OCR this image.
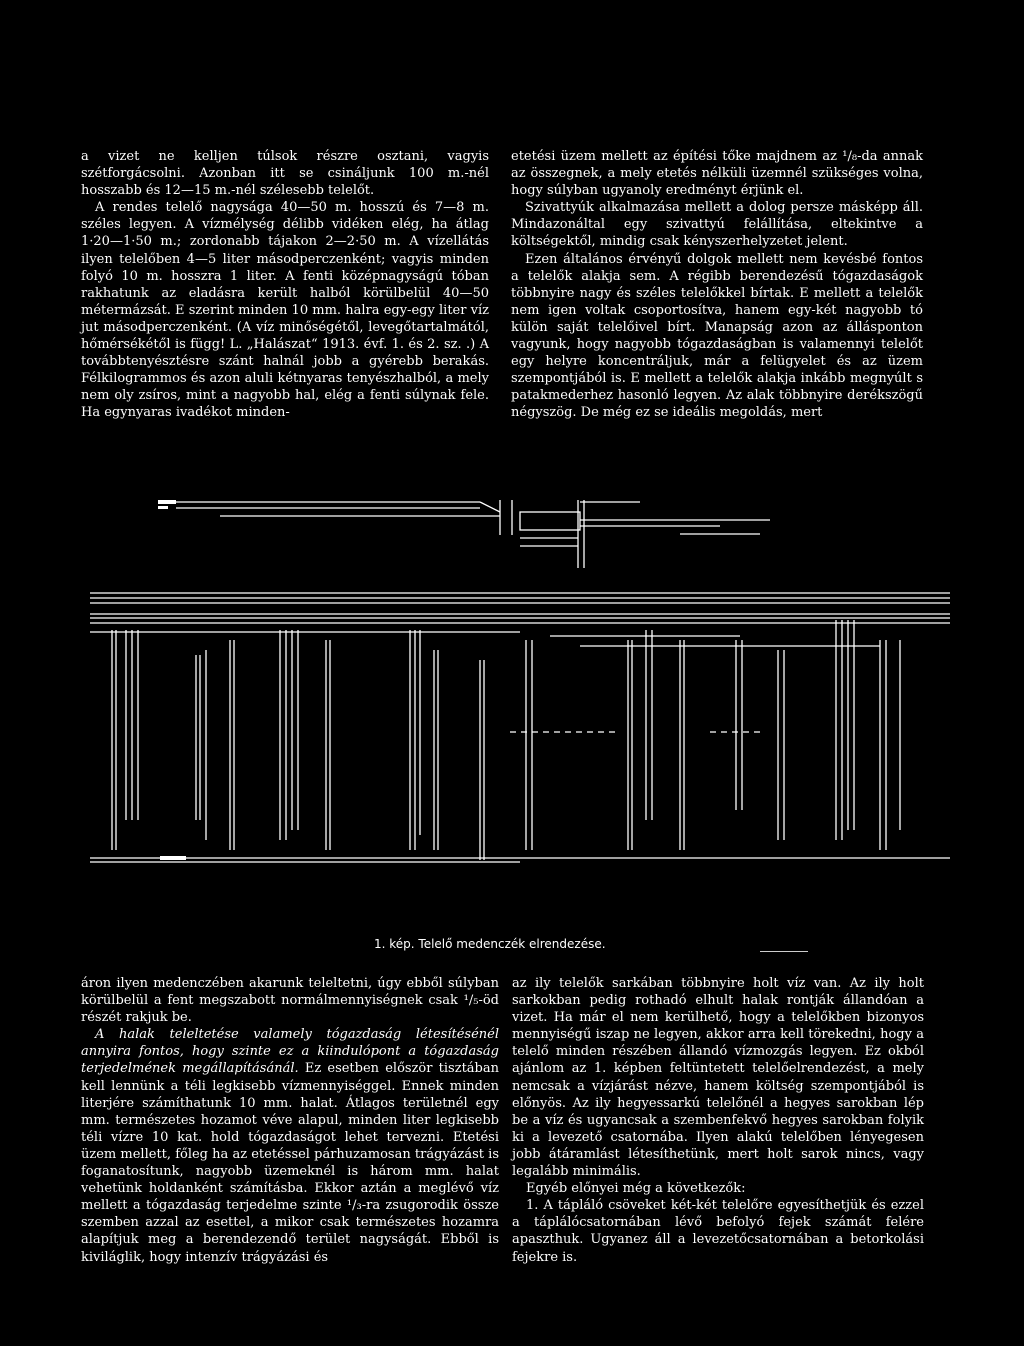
a vizet ne kelljen túlsok részre osztani, vagyis szétforgácsolni. Azonban itt se csináljunk 100 m.-nél hosszabb és 12—15 m.-nél szélesebb telelőt.

A rendes telelő nagysága 40—50 m. hosszú és 7—8 m. széles legyen. A vízmélység délibb vidéken elég, ha átlag 1·20—1·50 m.; zordonabb tájakon 2—2·50 m. A vízellátás ilyen telelőben 4—5 liter másodperczenként; vagyis minden folyó 10 m. hosszra 1 liter. A fenti középnagyságú tóban rakhatunk az eladásra került halból körülbelül 40—50 métermázsát. E szerint minden 10 mm. halra egy-egy liter víz jut másodperczenként. (A víz minőségétől, levegőtartalmától, hőmérsékétől is függ! L. „Halászat“ 1913. évf. 1. és 2. sz. .) A továbbtenyésztésre szánt halnál jobb a gyérebb berakás. Félkilogrammos és azon aluli kétnyaras tenyészhalból, a mely nem oly zsíros, mint a nagyobb hal, elég a fenti súlynak fele. Ha egynyaras ivadékot minden-

etetési üzem mellett az építési tőke majdnem az ¹/₈-da annak az összegnek, a mely etetés nélküli üzemnél szükséges volna, hogy súlyban ugyanoly eredményt érjünk el.

Szivattyúk alkalmazása mellett a dolog persze másképp áll. Mindazonáltal egy szivattyú felállítása, eltekintve a költségektől, mindig csak kényszerhelyzetet jelent.

Ezen általános érvényű dolgok mellett nem kevésbé fontos a telelők alakja sem. A régibb berendezésű tógazdaságok többnyire nagy és széles telelőkkel bírtak. E mellett a telelők nem igen voltak csoportosítva, hanem egy-két nagyobb tó külön saját telelőivel bírt. Manapság azon az állásponton vagyunk, hogy nagyobb tógazdaságban is valamennyi telelőt egy helyre koncentráljuk, már a felügyelet és az üzem szempontjából is. E mellett a telelők alakja inkább megnyúlt s patakmederhez hasonló legyen. Az alak többnyire derékszögű négyszög. De még ez se ideális megoldás, mert

1. kép. Telelő medenczék elrendezése.

áron ilyen medenczében akarunk teleltetni, úgy ebből súlyban körülbelül a fent megszabott normálmennyiségnek csak ¹/₅-öd részét rakjuk be.

A halak teleltetése valamely tógazdaság létesítésénél annyira fontos, hogy szinte ez a kiindulópont a tógazdaság terjedelmének megállapításánál. Ez esetben először tisztában kell lennünk a téli legkisebb vízmennyiséggel. Ennek minden literjére számíthatunk 10 mm. halat. Átlagos területnél egy mm. természetes hozamot véve alapul, minden liter legkisebb téli vízre 10 kat. hold tógazdaságot lehet tervezni. Etetési üzem mellett, főleg ha az etetéssel párhuzamosan trágyázást is foganatosítunk, nagyobb üzemeknél is három mm. halat vehetünk holdanként számításba. Ekkor aztán a meglévő víz mellett a tógazdaság terjedelme szinte ¹/₃-ra zsugorodik össze szemben azzal az esettel, a mikor csak természetes hozamra alapítjuk meg a berendezendő terület nagyságát. Ebből is kiviláglik, hogy intenzív trágyázási és

az ily telelők sarkában többnyire holt víz van. Az ily holt sarkokban pedig rothadó elhult halak rontják állandóan a vizet. Ha már el nem kerülhető, hogy a telelőkben bizonyos mennyiségű iszap ne legyen, akkor arra kell törekedni, hogy a telelő minden részében állandó vízmozgás legyen. Ez okból ajánlom az 1. képben feltüntetett telelőelrendezést, a mely nemcsak a vízjárást nézve, hanem költség szempontjából is előnyös. Az ily hegyessarkú telelőnél a hegyes sarokban lép be a víz és ugyancsak a szembenfekvő hegyes sarokban folyik ki a levezető csatornába. Ilyen alakú telelőben lényegesen jobb átáramlást létesíthetünk, mert holt sarok nincs, vagy legalább minimális.

Egyéb előnyei még a következők:

1. A tápláló csöveket két-két telelőre egyesíthetjük és ezzel a táplálócsatornában lévő befolyó fejek számát felére apaszthuk. Ugyanez áll a levezetőcsatornában a betorkolási fejekre is.
